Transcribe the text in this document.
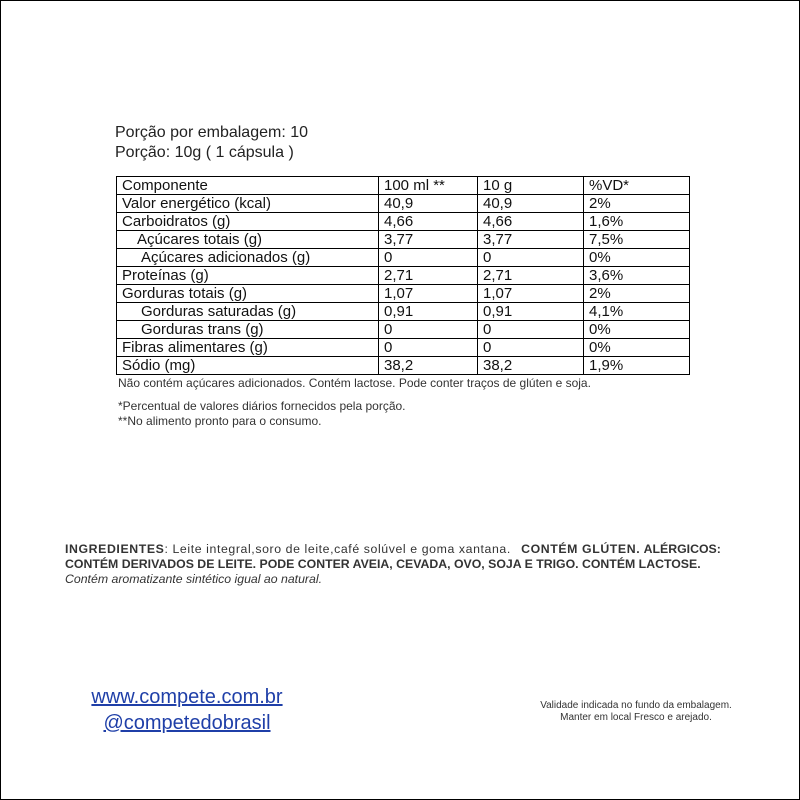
Porção por embalagem: 10
Porção: 10g ( 1 cápsula )
Componente	100 ml **	10 g	%VD*
Valor energético (kcal)	40,9	40,9	2%
Carboidratos (g)	4,66	4,66	1,6%
Açúcares totais (g)	3,77	3,77	7,5%
Açúcares adicionados (g)	0	0	0%
Proteínas (g)	2,71	2,71	3,6%
Gorduras totais (g)	1,07	1,07	2%
Gorduras saturadas (g)	0,91	0,91	4,1%
Gorduras trans (g)	0	0	0%
Fibras alimentares (g)	0	0	0%
Sódio (mg)	38,2	38,2	1,9%
Não contém açúcares adicionados. Contém lactose. Pode conter traços de glúten e soja.
*Percentual de valores diários fornecidos pela porção.
**No alimento pronto para o consumo.
INGREDIENTES: Leite integral,soro de leite,café solúvel e goma xantana. CONTÉM GLÚTEN. ALÉRGICOS: CONTÉM DERIVADOS DE LEITE. PODE CONTER AVEIA, CEVADA, OVO, SOJA E TRIGO. CONTÉM LACTOSE. Contém aromatizante sintético igual ao natural.
www.compete.com.br
@competedobrasil
Validade indicada no fundo da embalagem.
Manter em local Fresco e arejado.
